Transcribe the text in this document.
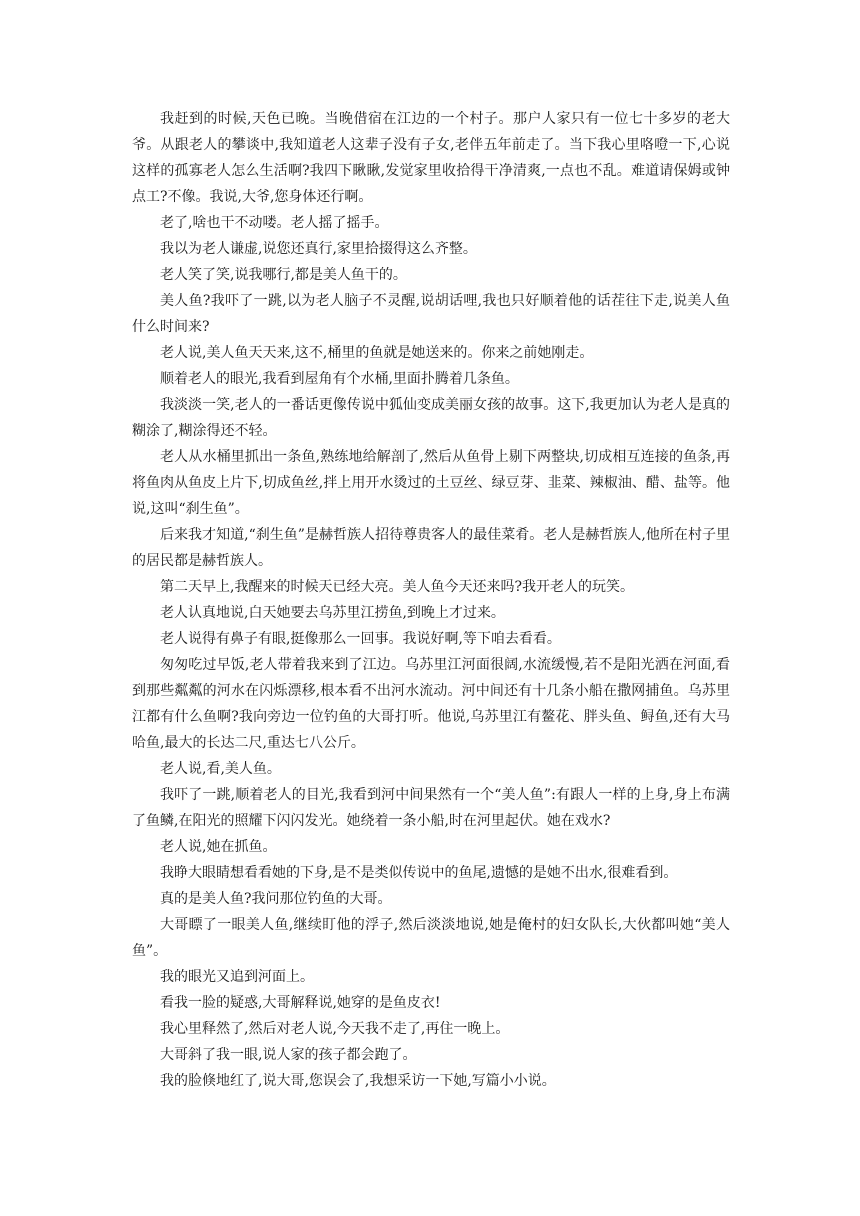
我赶到的时候,天色已晚。当晚借宿在江边的一个村子。那户人家只有一位七十多岁的老大爷。从跟老人的攀谈中,我知道老人这辈子没有子女,老伴五年前走了。当下我心里咯噔一下,心说这样的孤寡老人怎么生活啊?我四下瞅瞅,发觉家里收拾得干净清爽,一点也不乱。难道请保姆或钟点工?不像。我说,大爷,您身体还行啊。

老了,啥也干不动喽。老人摇了摇手。

我以为老人谦虚,说您还真行,家里拾掇得这么齐整。

老人笑了笑,说我哪行,都是美人鱼干的。

美人鱼?我吓了一跳,以为老人脑子不灵醒,说胡话哩,我也只好顺着他的话茬往下走,说美人鱼什么时间来?

老人说,美人鱼天天来,这不,桶里的鱼就是她送来的。你来之前她刚走。

顺着老人的眼光,我看到屋角有个水桶,里面扑腾着几条鱼。

我淡淡一笑,老人的一番话更像传说中狐仙变成美丽女孩的故事。这下,我更加认为老人是真的糊涂了,糊涂得还不轻。

老人从水桶里抓出一条鱼,熟练地给解剖了,然后从鱼骨上剔下两整块,切成相互连接的鱼条,再将鱼肉从鱼皮上片下,切成鱼丝,拌上用开水烫过的土豆丝、绿豆芽、韭菜、辣椒油、醋、盐等。他说,这叫“刹生鱼”。

后来我才知道,“刹生鱼”是赫哲族人招待尊贵客人的最佳菜肴。老人是赫哲族人,他所在村子里的居民都是赫哲族人。

第二天早上,我醒来的时候天已经大亮。美人鱼今天还来吗?我开老人的玩笑。

老人认真地说,白天她要去乌苏里江捞鱼,到晚上才过来。

老人说得有鼻子有眼,挺像那么一回事。我说好啊,等下咱去看看。

匆匆吃过早饭,老人带着我来到了江边。乌苏里江河面很阔,水流缓慢,若不是阳光洒在河面,看到那些粼粼的河水在闪烁漂移,根本看不出河水流动。河中间还有十几条小船在撒网捕鱼。乌苏里江都有什么鱼啊?我向旁边一位钓鱼的大哥打听。他说,乌苏里江有鳌花、胖头鱼、鲟鱼,还有大马哈鱼,最大的长达二尺,重达七八公斤。

老人说,看,美人鱼。

我吓了一跳,顺着老人的目光,我看到河中间果然有一个“美人鱼”:有跟人一样的上身,身上布满了鱼鳞,在阳光的照耀下闪闪发光。她绕着一条小船,时在河里起伏。她在戏水?

老人说,她在抓鱼。

我睁大眼睛想看看她的下身,是不是类似传说中的鱼尾,遗憾的是她不出水,很难看到。

真的是美人鱼?我问那位钓鱼的大哥。

大哥瞟了一眼美人鱼,继续盯他的浮子,然后淡淡地说,她是俺村的妇女队长,大伙都叫她“美人鱼”。

我的眼光又追到河面上。

看我一脸的疑惑,大哥解释说,她穿的是鱼皮衣!

我心里释然了,然后对老人说,今天我不走了,再住一晚上。

大哥斜了我一眼,说人家的孩子都会跑了。

我的脸倏地红了,说大哥,您误会了,我想采访一下她,写篇小小说。
